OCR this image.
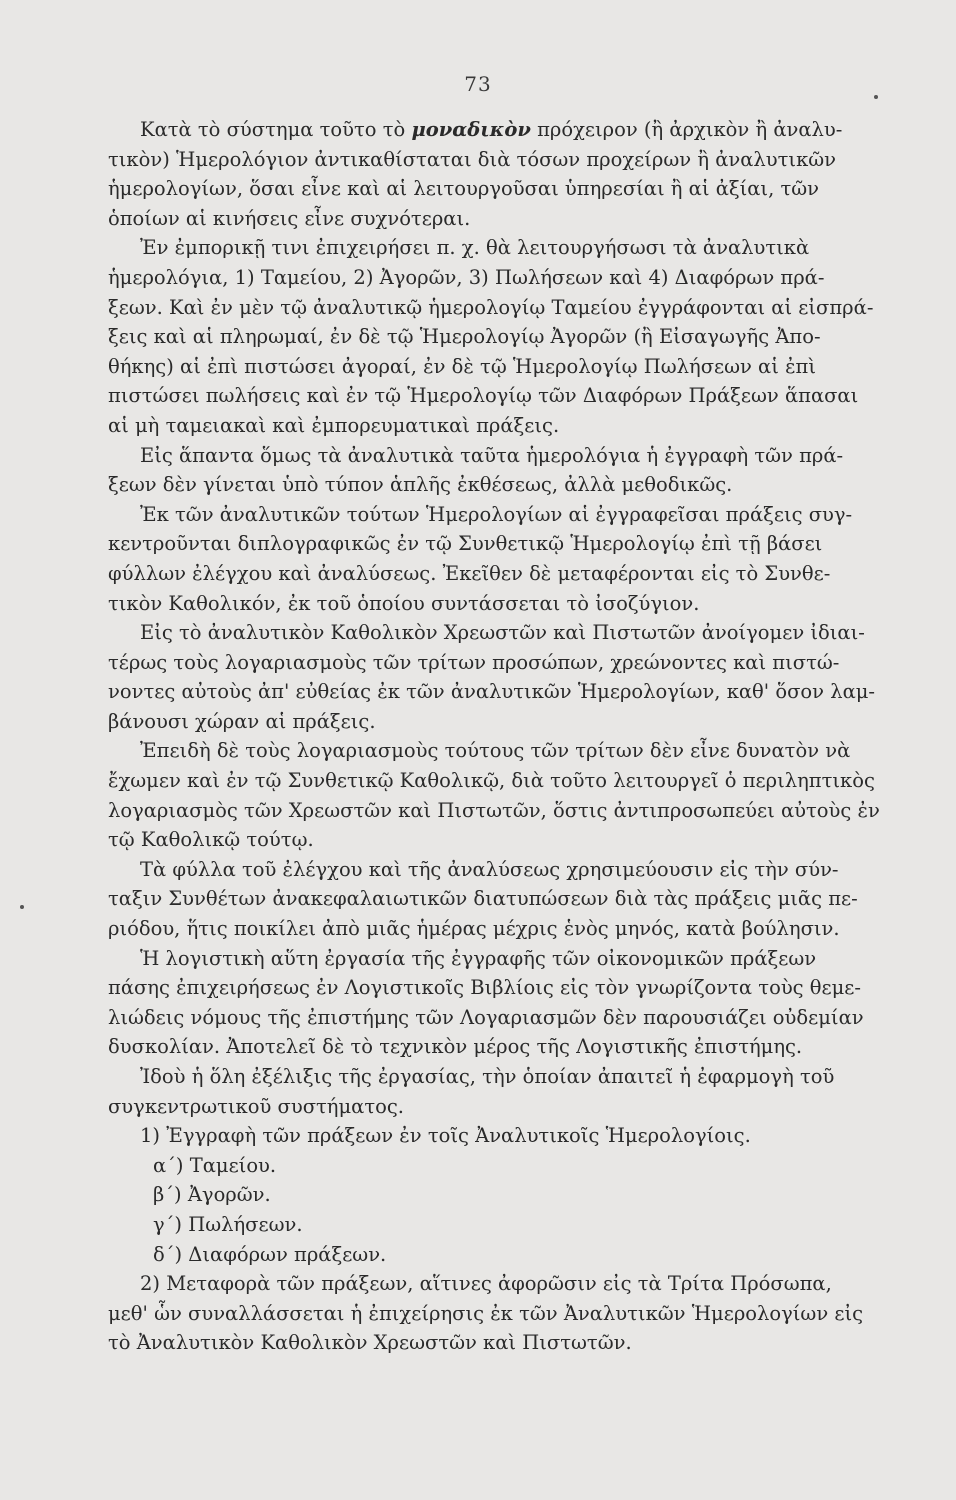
73
Κατὰ τὸ σύστημα τοῦτο τὸ μοναδικὸν πρόχειρον (ἢ ἀρχικὸν ἢ ἀναλυ-
τικὸν) Ἡμερολόγιον ἀντικαθίσταται διὰ τόσων προχείρων ἢ ἀναλυτικῶν
ἡμερολογίων, ὅσαι εἶνε καὶ αἱ λειτουργοῦσαι ὑπηρεσίαι ἢ αἱ ἀξίαι, τῶν
ὁποίων αἱ κινήσεις εἶνε συχνότεραι.
Ἐν ἐμπορικῇ τινι ἐπιχειρήσει π. χ. θὰ λειτουργήσωσι τὰ ἀναλυτικὰ
ἡμερολόγια, 1) Ταμείου, 2) Ἀγορῶν, 3) Πωλήσεων καὶ 4) Διαφόρων πρά-
ξεων. Καὶ ἐν μὲν τῷ ἀναλυτικῷ ἡμερολογίῳ Ταμείου ἐγγράφονται αἱ εἰσπρά-
ξεις καὶ αἱ πληρωμαί, ἐν δὲ τῷ Ἡμερολογίῳ Ἀγορῶν (ἢ Εἰσαγωγῆς Ἀπο-
θήκης) αἱ ἐπὶ πιστώσει ἀγοραί, ἐν δὲ τῷ Ἡμερολογίῳ Πωλήσεων αἱ ἐπὶ
πιστώσει πωλήσεις καὶ ἐν τῷ Ἡμερολογίῳ τῶν Διαφόρων Πράξεων ἅπασαι
αἱ μὴ ταμειακαὶ καὶ ἐμπορευματικαὶ πράξεις.
Εἰς ἅπαντα ὅμως τὰ ἀναλυτικὰ ταῦτα ἡμερολόγια ἡ ἐγγραφὴ τῶν πρά-
ξεων δὲν γίνεται ὑπὸ τύπον ἁπλῆς ἐκθέσεως, ἀλλὰ μεθοδικῶς.
Ἐκ τῶν ἀναλυτικῶν τούτων Ἡμερολογίων αἱ ἐγγραφεῖσαι πράξεις συγ-
κεντροῦνται διπλογραφικῶς ἐν τῷ Συνθετικῷ Ἡμερολογίῳ ἐπὶ τῇ βάσει
φύλλων ἐλέγχου καὶ ἀναλύσεως. Ἐκεῖθεν δὲ μεταφέρονται εἰς τὸ Συνθε-
τικὸν Καθολικόν, ἐκ τοῦ ὁποίου συντάσσεται τὸ ἰσοζύγιον.
Εἰς τὸ ἀναλυτικὸν Καθολικὸν Χρεωστῶν καὶ Πιστωτῶν ἀνοίγομεν ἰδιαι-
τέρως τοὺς λογαριασμοὺς τῶν τρίτων προσώπων, χρεώνοντες καὶ πιστώ-
νοντες αὐτοὺς ἀπ' εὐθείας ἐκ τῶν ἀναλυτικῶν Ἡμερολογίων, καθ' ὅσον λαμ-
βάνουσι χώραν αἱ πράξεις.
Ἐπειδὴ δὲ τοὺς λογαριασμοὺς τούτους τῶν τρίτων δὲν εἶνε δυνατὸν νὰ
ἔχωμεν καὶ ἐν τῷ Συνθετικῷ Καθολικῷ, διὰ τοῦτο λειτουργεῖ ὁ περιληπτικὸς
λογαριασμὸς τῶν Χρεωστῶν καὶ Πιστωτῶν, ὅστις ἀντιπροσωπεύει αὐτοὺς ἐν
τῷ Καθολικῷ τούτῳ.
Τὰ φύλλα τοῦ ἐλέγχου καὶ τῆς ἀναλύσεως χρησιμεύουσιν εἰς τὴν σύν-
ταξιν Συνθέτων ἀνακεφαλαιωτικῶν διατυπώσεων διὰ τὰς πράξεις μιᾶς πε-
ριόδου, ἥτις ποικίλει ἀπὸ μιᾶς ἡμέρας μέχρις ἑνὸς μηνός, κατὰ βούλησιν.
Ἡ λογιστικὴ αὕτη ἐργασία τῆς ἐγγραφῆς τῶν οἰκονομικῶν πράξεων
πάσης ἐπιχειρήσεως ἐν Λογιστικοῖς Βιβλίοις εἰς τὸν γνωρίζοντα τοὺς θεμε-
λιώδεις νόμους τῆς ἐπιστήμης τῶν Λογαριασμῶν δὲν παρουσιάζει οὐδεμίαν
δυσκολίαν. Ἀποτελεῖ δὲ τὸ τεχνικὸν μέρος τῆς Λογιστικῆς ἐπιστήμης.
Ἰδοὺ ἡ ὅλη ἐξέλιξις τῆς ἐργασίας, τὴν ὁποίαν ἀπαιτεῖ ἡ ἐφαρμογὴ τοῦ
συγκεντρωτικοῦ συστήματος.
1) Ἐγγραφὴ τῶν πράξεων ἐν τοῖς Ἀναλυτικοῖς Ἡμερολογίοις.
α΄) Ταμείου.
β΄) Ἀγορῶν.
γ΄) Πωλήσεων.
δ΄) Διαφόρων πράξεων.
2) Μεταφορὰ τῶν πράξεων, αἵτινες ἀφορῶσιν εἰς τὰ Τρίτα Πρόσωπα,
μεθ' ὧν συναλλάσσεται ἡ ἐπιχείρησις ἐκ τῶν Ἀναλυτικῶν Ἡμερολογίων εἰς
τὸ Ἀναλυτικὸν Καθολικὸν Χρεωστῶν καὶ Πιστωτῶν.
